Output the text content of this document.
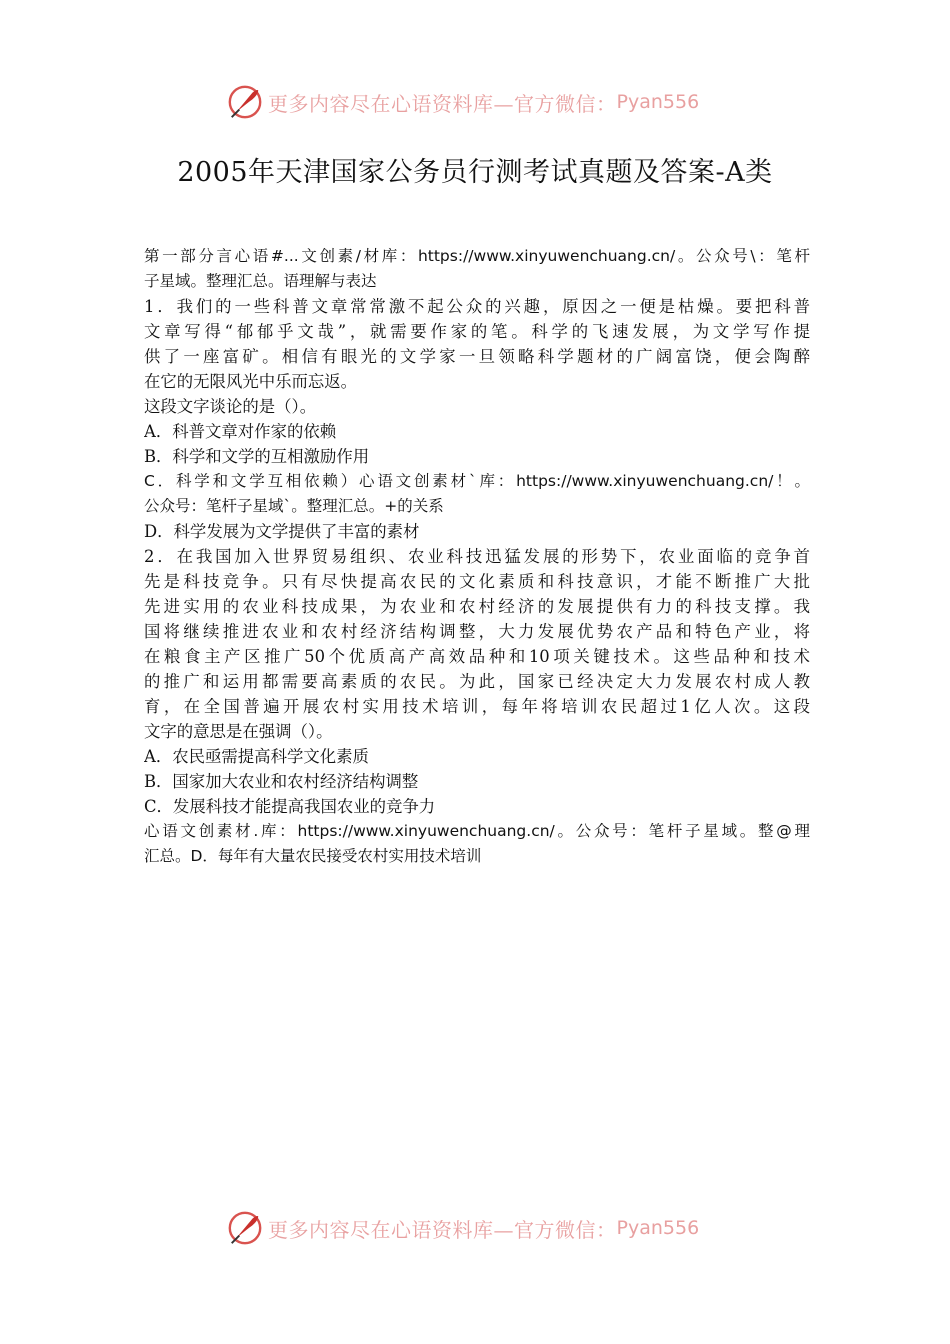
更多内容尽在心语资料库—官方微信： Pyan556
2005年天津国家公务员行测考试真题及答案-A类
第一部分言心语#...文创素/材库：https://www.xinyuwenchuang.cn/。公众号\：笔杆
子星域。整理汇总。语理解与表达
1．我们的一些科普文章常常激不起公众的兴趣，原因之一便是枯燥。要把科普
文章写得“郁郁乎文哉”，就需要作家的笔。科学的飞速发展，为文学写作提
供了一座富矿。相信有眼光的文学家一旦领略科学题材的广阔富饶，便会陶醉
在它的无限风光中乐而忘返。
这段文字谈论的是（）。
A．科普文章对作家的依赖
B．科学和文学的互相激励作用
C．科学和文学互相依赖）心语文创素材`库：https://www.xinyuwenchuang.cn/！。
公众号：笔杆子星域`。整理汇总。+的关系
D．科学发展为文学提供了丰富的素材
2．在我国加入世界贸易组织、农业科技迅猛发展的形势下，农业面临的竞争首
先是科技竞争。只有尽快提高农民的文化素质和科技意识，才能不断推广大批
先进实用的农业科技成果，为农业和农村经济的发展提供有力的科技支撑。我
国将继续推进农业和农村经济结构调整，大力发展优势农产品和特色产业，将
在粮食主产区推广50个优质高产高效品种和10项关键技术。这些品种和技术
的推广和运用都需要高素质的农民。为此，国家已经决定大力发展农村成人教
育，在全国普遍开展农村实用技术培训，每年将培训农民超过1亿人次。这段
文字的意思是在强调（）。
A．农民亟需提高科学文化素质
B．国家加大农业和农村经济结构调整
C．发展科技才能提高我国农业的竞争力
心语文创素材.库：https://www.xinyuwenchuang.cn/。公众号：笔杆子星域。整@理
汇总。D．每年有大量农民接受农村实用技术培训
更多内容尽在心语资料库—官方微信： Pyan556
